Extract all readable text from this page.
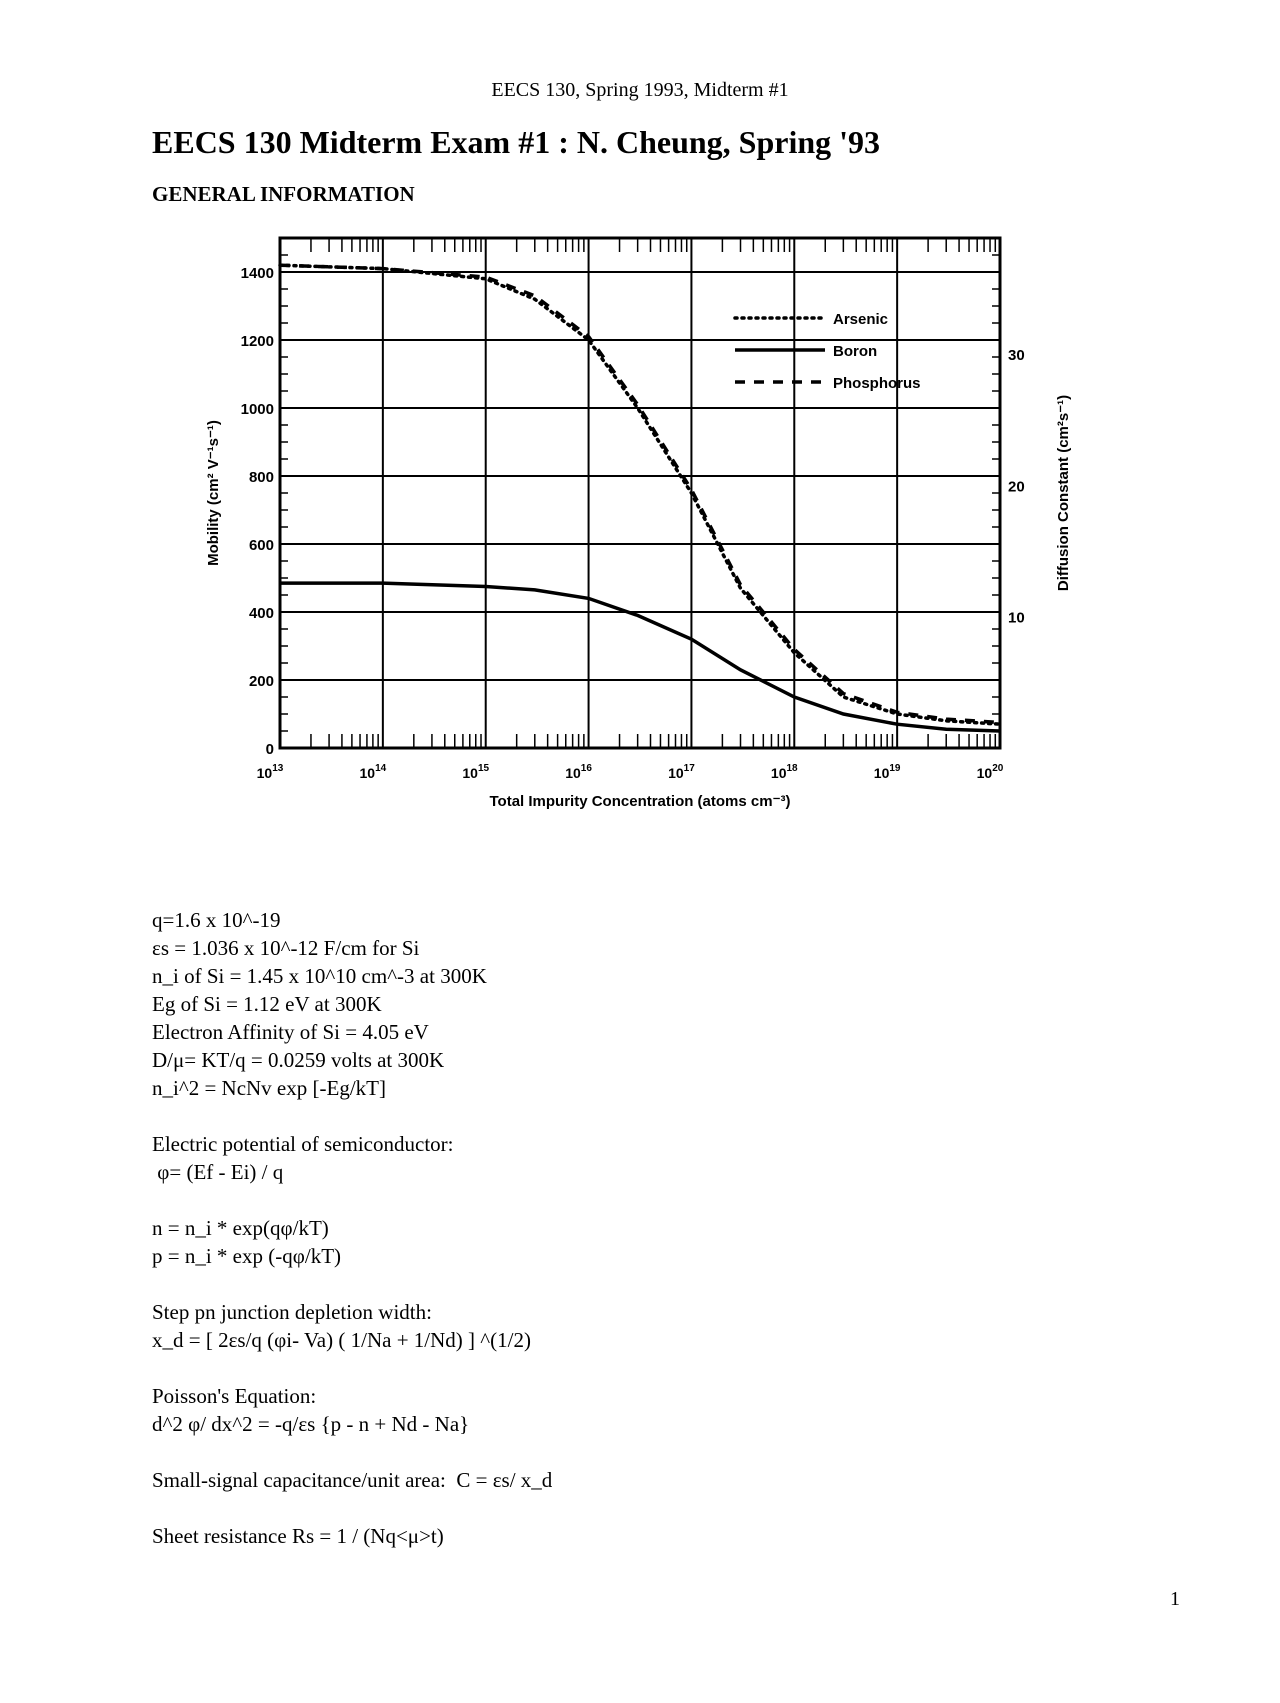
EECS 130, Spring 1993, Midterm #1
EECS 130 Midterm Exam #1 : N. Cheung, Spring '93
GENERAL INFORMATION
0
200
400
600
800
1000
1200
1400
$10^{13}$	$10^{14}$	$10^{15}$	$10^{16}$	$10^{17}$	$10^{18}$	$10^{19}$	$10^{20}$
10
20
30
Total Impurity Concentration (atoms cm⁻³)
Mobility (cm² V⁻¹s⁻¹)	Diffusion Constant (cm²s⁻¹)
Arsenic
Boron
Phosphorus
q=1.6 x 10^-19
εs = 1.036 x 10^-12 F/cm for Si
n_i of Si = 1.45 x 10^10 cm^-3 at 300K
Eg of Si = 1.12 eV at 300K
Electron Affinity of Si = 4.05 eV
D/μ= KT/q = 0.0259 volts at 300K
n_i^2 = NcNv exp [-Eg/kT]
Electric potential of semiconductor:
φ= (Ef - Ei) / q
n = n_i * exp(qφ/kT)
p = n_i * exp (-qφ/kT)
Step pn junction depletion width:
x_d = [ 2εs/q (φi- Va) ( 1/Na + 1/Nd) ] ^(1/2)
Poisson's Equation:
d^2 φ/ dx^2 = -q/εs {p - n + Nd - Na}
Small-signal capacitance/unit area:  C = εs/ x_d
Sheet resistance Rs = 1 / (Nq<μ>t)
1
